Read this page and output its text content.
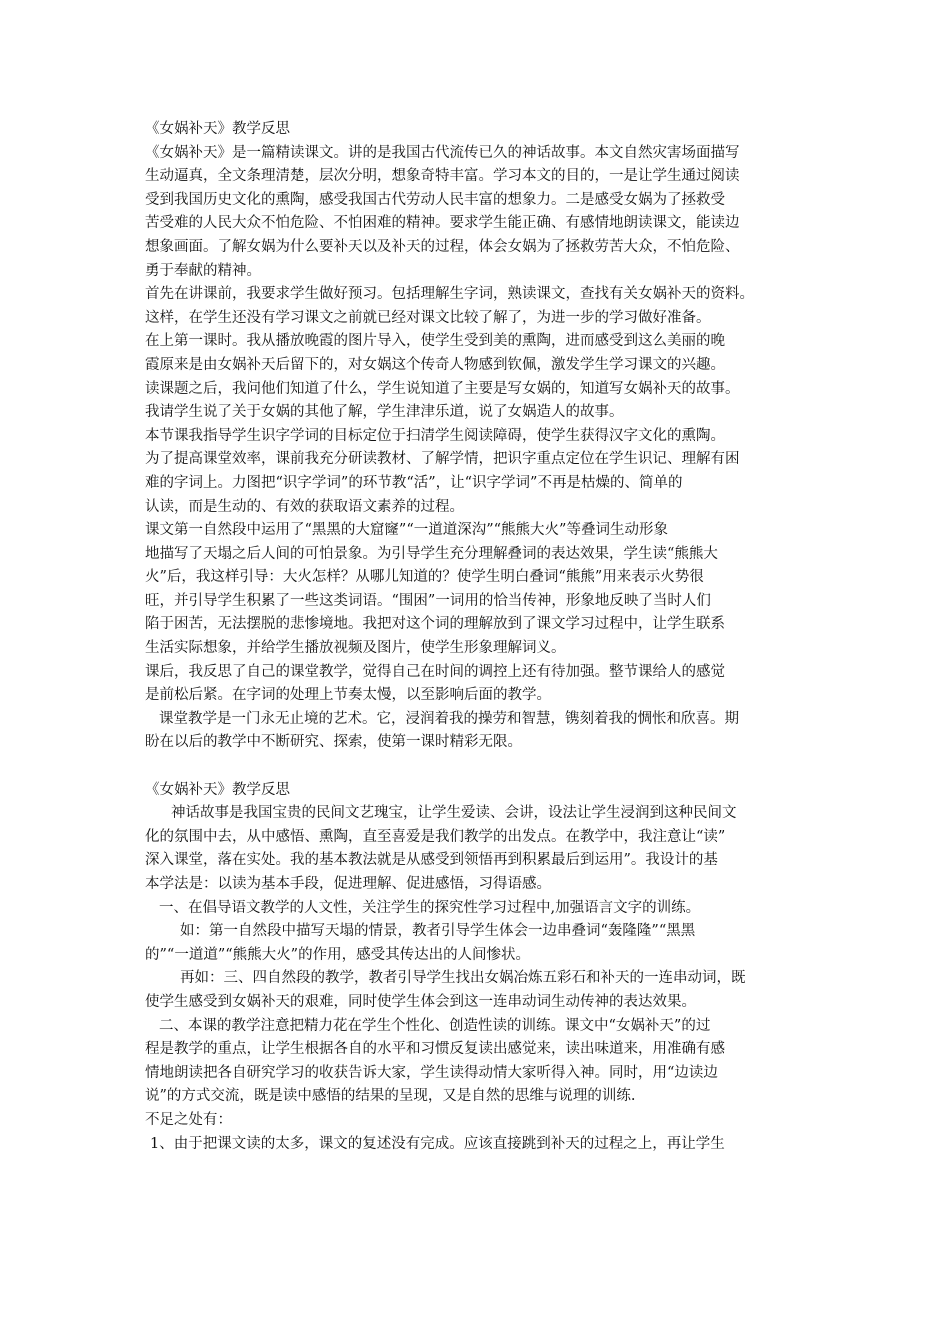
《女娲补天》教学反思
《女娲补天》是一篇精读课文。讲的是我国古代流传已久的神话故事。本文自然灾害场面描写
生动逼真，全文条理清楚，层次分明，想象奇特丰富。学习本文的目的，一是让学生通过阅读
受到我国历史文化的熏陶，感受我国古代劳动人民丰富的想象力。二是感受女娲为了拯救受
苦受难的人民大众不怕危险、不怕困难的精神。要求学生能正确、有感情地朗读课文，能读边
想象画面。了解女娲为什么要补天以及补天的过程，体会女娲为了拯救劳苦大众，不怕危险、
勇于奉献的精神。
首先在讲课前，我要求学生做好预习。包括理解生字词，熟读课文，查找有关女娲补天的资料。
这样，在学生还没有学习课文之前就已经对课文比较了解了，为进一步的学习做好准备。
在上第一课时。我从播放晚霞的图片导入，使学生受到美的熏陶，进而感受到这么美丽的晚
霞原来是由女娲补天后留下的，对女娲这个传奇人物感到钦佩，激发学生学习课文的兴趣。
读课题之后，我问他们知道了什么，学生说知道了主要是写女娲的，知道写女娲补天的故事。
我请学生说了关于女娲的其他了解，学生津津乐道，说了女娲造人的故事。
本节课我指导学生识字学词的目标定位于扫清学生阅读障碍，使学生获得汉字文化的熏陶。
为了提高课堂效率，课前我充分研读教材、了解学情，把识字重点定位在学生识记、理解有困
难的字词上。力图把“识字学词”的环节教“活”，让“识字学词”不再是枯燥的、简单的
认读，而是生动的、有效的获取语文素养的过程。
课文第一自然段中运用了“黑黑的大窟窿”“一道道深沟”“熊熊大火”等叠词生动形象
地描写了天塌之后人间的可怕景象。为引导学生充分理解叠词的表达效果，学生读“熊熊大
火”后，我这样引导：大火怎样？从哪儿知道的？使学生明白叠词“熊熊”用来表示火势很
旺，并引导学生积累了一些这类词语。“围困”一词用的恰当传神，形象地反映了当时人们
陷于困苦，无法摆脱的悲惨境地。我把对这个词的理解放到了课文学习过程中，让学生联系
生活实际想象，并给学生播放视频及图片，使学生形象理解词义。
课后，我反思了自己的课堂教学，觉得自己在时间的调控上还有待加强。整节课给人的感觉
是前松后紧。在字词的处理上节奏太慢，以至影响后面的教学。
课堂教学是一门永无止境的艺术。它，浸润着我的操劳和智慧，镌刻着我的惆怅和欣喜。期
盼在以后的教学中不断研究、探索，使第一课时精彩无限。
《女娲补天》教学反思
神话故事是我国宝贵的民间文艺瑰宝，让学生爱读、会讲，设法让学生浸润到这种民间文
化的氛围中去，从中感悟、熏陶，直至喜爱是我们教学的出发点。在教学中，我注意让“读”
深入课堂，落在实处。我的基本教法就是从感受到领悟再到积累最后到运用”。我设计的基
本学法是：以读为基本手段，促进理解、促进感悟，习得语感。
一、在倡导语文教学的人文性，关注学生的探究性学习过程中,加强语言文字的训练。
如：第一自然段中描写天塌的情景，教者引导学生体会一边串叠词“轰隆隆”“黑黑
的”“一道道”“熊熊大火”的作用，感受其传达出的人间惨状。
再如：三、四自然段的教学，教者引导学生找出女娲冶炼五彩石和补天的一连串动词，既
使学生感受到女娲补天的艰难，同时使学生体会到这一连串动词生动传神的表达效果。
二、本课的教学注意把精力花在学生个性化、创造性读的训练。课文中“女娲补天”的过
程是教学的重点，让学生根据各自的水平和习惯反复读出感觉来，读出味道来，用准确有感
情地朗读把各自研究学习的收获告诉大家，学生读得动情大家听得入神。同时，用“边读边
说”的方式交流，既是读中感悟的结果的呈现，又是自然的思维与说理的训练.
不足之处有：
1、由于把课文读的太多，课文的复述没有完成。应该直接跳到补天的过程之上，再让学生
